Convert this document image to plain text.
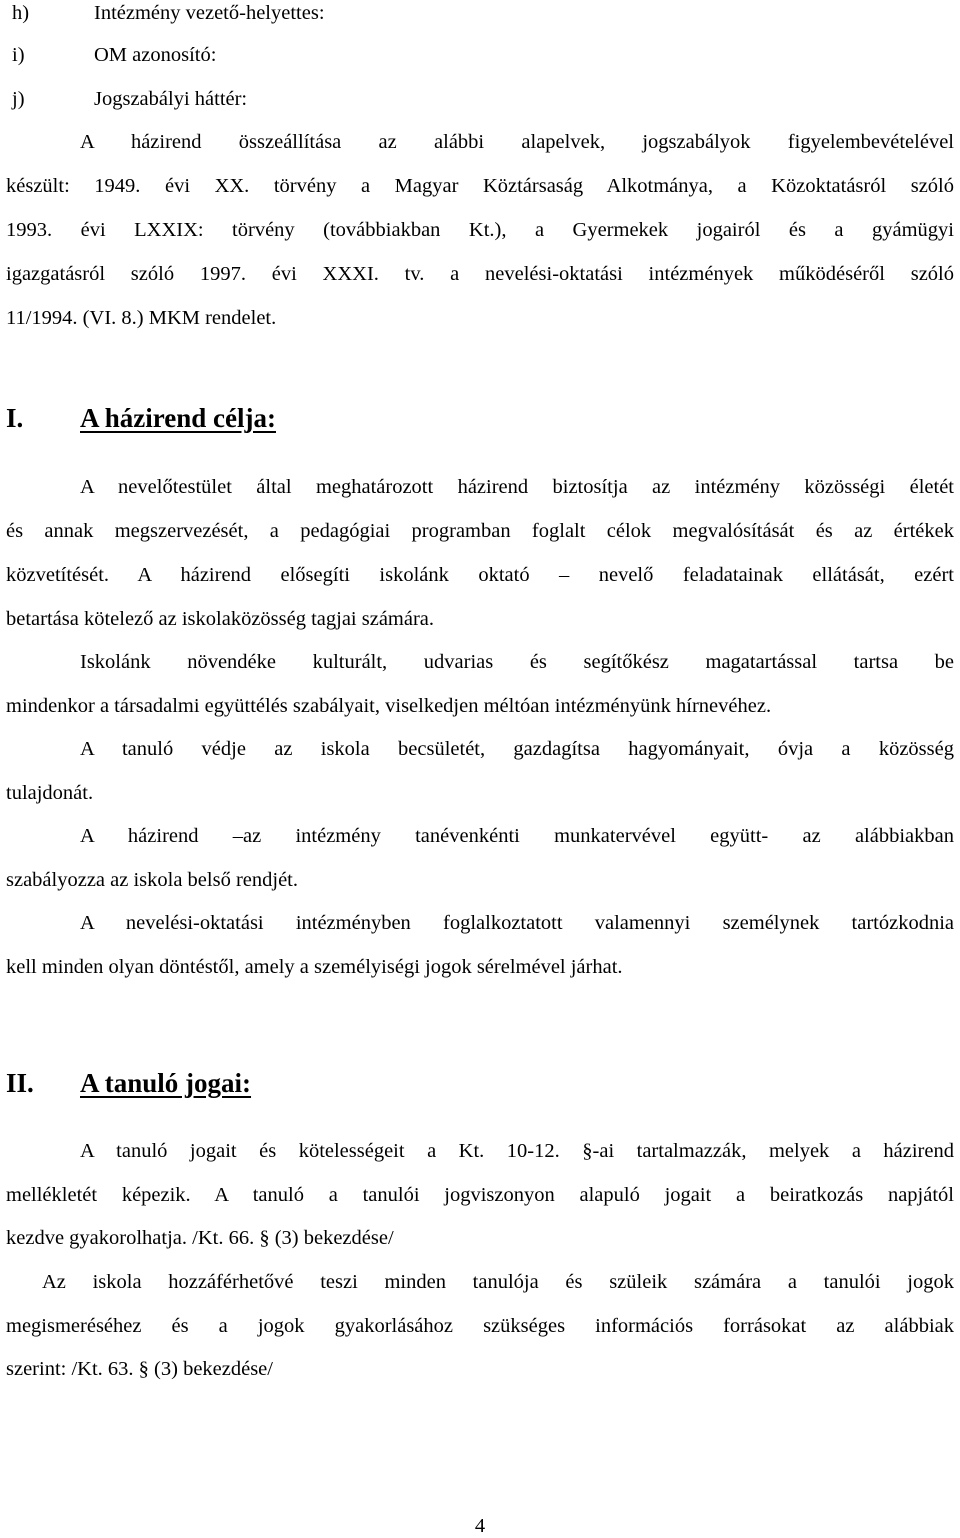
h)	Intézmény vezető-helyettes:
i)	OM azonosító:
j)	Jogszabályi háttér:
A házirend összeállítása az alábbi alapelvek, jogszabályok figyelembevételével
készült: 1949. évi XX. törvény a Magyar Köztársaság Alkotmánya, a Közoktatásról szóló
1993. évi LXXIX: törvény (továbbiakban Kt.), a Gyermekek jogairól és a gyámügyi
igazgatásról szóló 1997. évi XXXI. tv. a nevelési-oktatási intézmények működéséről szóló
11/1994. (VI. 8.) MKM rendelet.
I. A házirend célja:
A nevelőtestület által meghatározott házirend biztosítja az intézmény közösségi életét
és annak megszervezését, a pedagógiai programban foglalt célok megvalósítását és az értékek
közvetítését. A házirend elősegíti iskolánk oktató – nevelő feladatainak ellátását, ezért
betartása kötelező az iskolaközösség tagjai számára.
Iskolánk növendéke kulturált, udvarias és segítőkész magatartással tartsa be
mindenkor a társadalmi együttélés szabályait, viselkedjen méltóan intézményünk hírnevéhez.
A tanuló védje az iskola becsületét, gazdagítsa hagyományait, óvja a közösség
tulajdonát.
A házirend –az intézmény tanévenkénti munkatervével együtt- az alábbiakban
szabályozza az iskola belső rendjét.
A nevelési-oktatási intézményben foglalkoztatott valamennyi személynek tartózkodnia
kell minden olyan döntéstől, amely a személyiségi jogok sérelmével járhat.
II. A tanuló jogai:
A tanuló jogait és kötelességeit a Kt. 10-12. §-ai tartalmazzák, melyek a házirend
mellékletét képezik. A tanuló a tanulói jogviszonyon alapuló jogait a beiratkozás napjától
kezdve gyakorolhatja. /Kt. 66. § (3) bekezdése/
Az iskola hozzáférhetővé teszi minden tanulója és szüleik számára a tanulói jogok
megismeréséhez és a jogok gyakorlásához szükséges információs forrásokat az alábbiak
szerint: /Kt. 63. § (3) bekezdése/
4
